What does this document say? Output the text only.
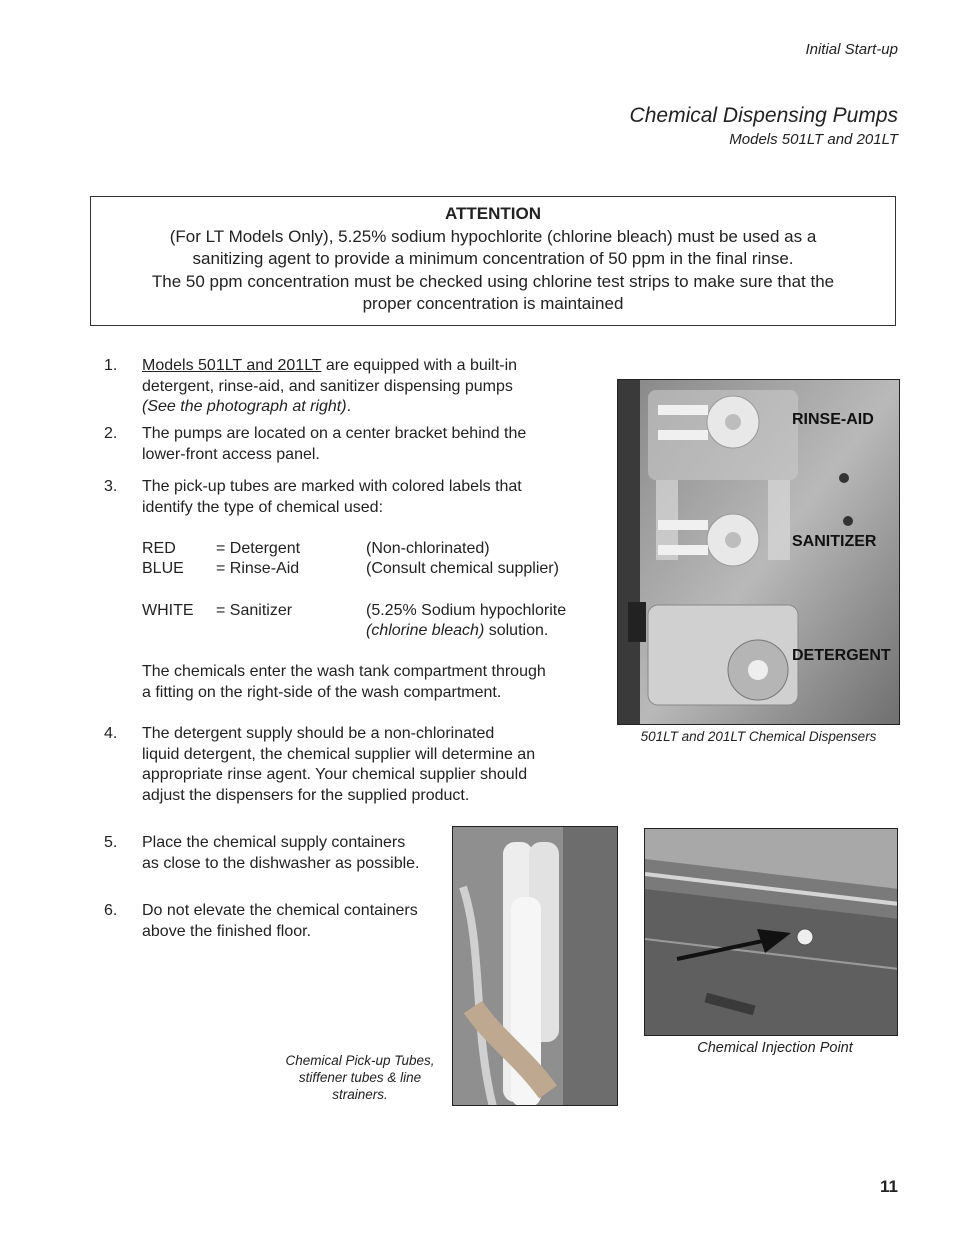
Initial Start-up
Chemical Dispensing Pumps
Models 501LT and 201LT
ATTENTION
(For LT Models Only), 5.25% sodium hypochlorite (chlorine bleach) must be used as a
sanitizing agent to provide a minimum concentration of 50 ppm in the final rinse.
The 50 ppm concentration must be checked using chlorine test strips to make sure that the
proper concentration is maintained
1. Models 501LT and 201LT are equipped with a built-in
detergent, rinse-aid, and sanitizer dispensing pumps
(See the photograph at right).
2. The pumps are located on a center bracket behind the
lower-front access panel.
3. The pick-up tubes are marked with colored labels that
identify the type of chemical used:
RED	= Detergent	(Non-chlorinated)
BLUE = Rinse-Aid	(Consult chemical supplier)
WHITE = Sanitizer	(5.25% Sodium hypochlorite
(chlorine bleach) solution.
The chemicals enter the wash tank compartment through
a fitting on the right-side of the wash compartment.
4. The detergent supply should be a non-chlorinated
liquid detergent, the chemical supplier will determine an
appropriate rinse agent. Your chemical supplier should
adjust the dispensers for the supplied product.
5. Place the chemical supply containers
as close to the dishwasher as possible.
6. Do not elevate the chemical containers
above the finished floor.
RINSE-AID
SANITIZER
DETERGENT
501LT and 201LT Chemical Dispensers
Chemical Pick-up Tubes,
stiffener tubes & line
strainers.
Chemical Injection Point
11
